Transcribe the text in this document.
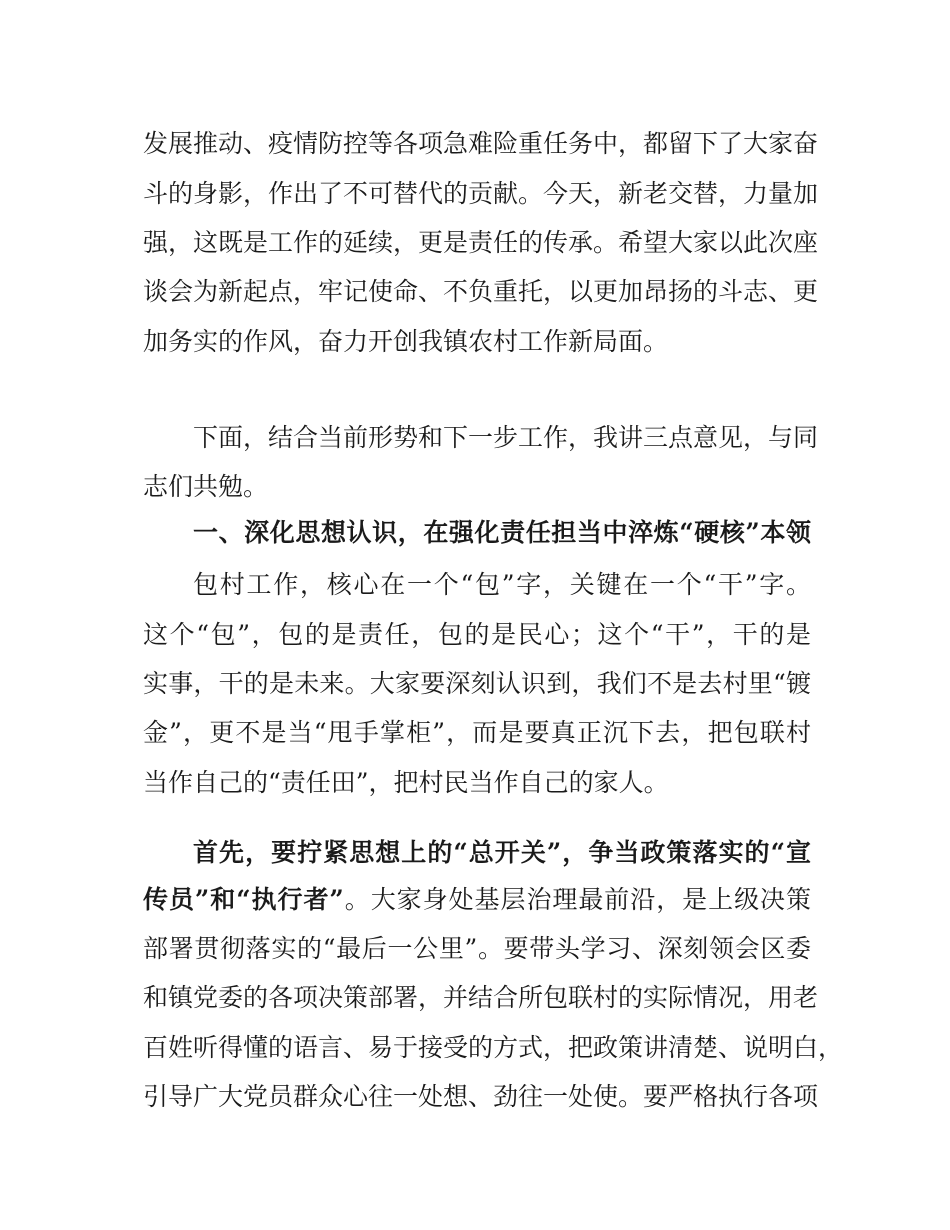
发展推动、疫情防控等各项急难险重任务中，都留下了大家奋
斗的身影，作出了不可替代的贡献。今天，新老交替，力量加
强，这既是工作的延续，更是责任的传承。希望大家以此次座
谈会为新起点，牢记使命、不负重托，以更加昂扬的斗志、更
加务实的作风，奋力开创我镇农村工作新局面。
下面，结合当前形势和下一步工作，我讲三点意见，与同
志们共勉。
一、深化思想认识，在强化责任担当中淬炼“硬核”本领
包村工作，核心在一个“包”字，关键在一个“干”字。
这个“包”，包的是责任，包的是民心；这个“干”，干的是
实事，干的是未来。大家要深刻认识到，我们不是去村里“镀
金”，更不是当“甩手掌柜”，而是要真正沉下去，把包联村
当作自己的“责任田”，把村民当作自己的家人。
首先，要拧紧思想上的“总开关”，争当政策落实的“宣
传员”和“执行者”。大家身处基层治理最前沿，是上级决策
部署贯彻落实的“最后一公里”。要带头学习、深刻领会区委
和镇党委的各项决策部署，并结合所包联村的实际情况，用老
百姓听得懂的语言、易于接受的方式，把政策讲清楚、说明白，
引导广大党员群众心往一处想、劲往一处使。要严格执行各项
